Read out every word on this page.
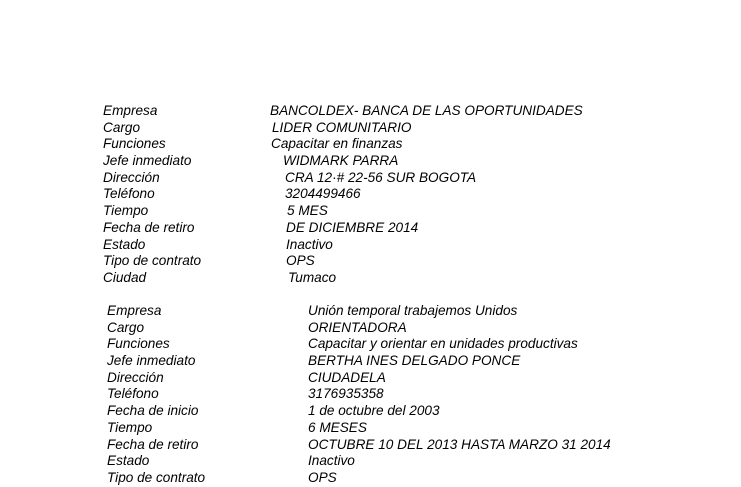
Empresa	BANCOLDEX- BANCA DE LAS OPORTUNIDADES
Cargo	LIDER COMUNITARIO
Funciones	Capacitar en finanzas
Jefe inmediato	WIDMARK PARRA
Dirección	CRA 12·# 22-56 SUR BOGOTA
Teléfono	3204499466
Tiempo	5 MES
Fecha de retiro	DE DICIEMBRE 2014
Estado	Inactivo
Tipo de contrato	OPS
Ciudad	Tumaco
Empresa	Unión temporal trabajemos Unidos
Cargo	ORIENTADORA
Funciones	Capacitar y orientar en unidades productivas
Jefe inmediato	BERTHA INES DELGADO PONCE
Dirección	CIUDADELA
Teléfono	3176935358
Fecha de inicio	1 de octubre del 2003
Tiempo	6 MESES
Fecha de retiro	OCTUBRE 10 DEL 2013 HASTA MARZO 31 2014
Estado	Inactivo
Tipo de contrato	OPS
